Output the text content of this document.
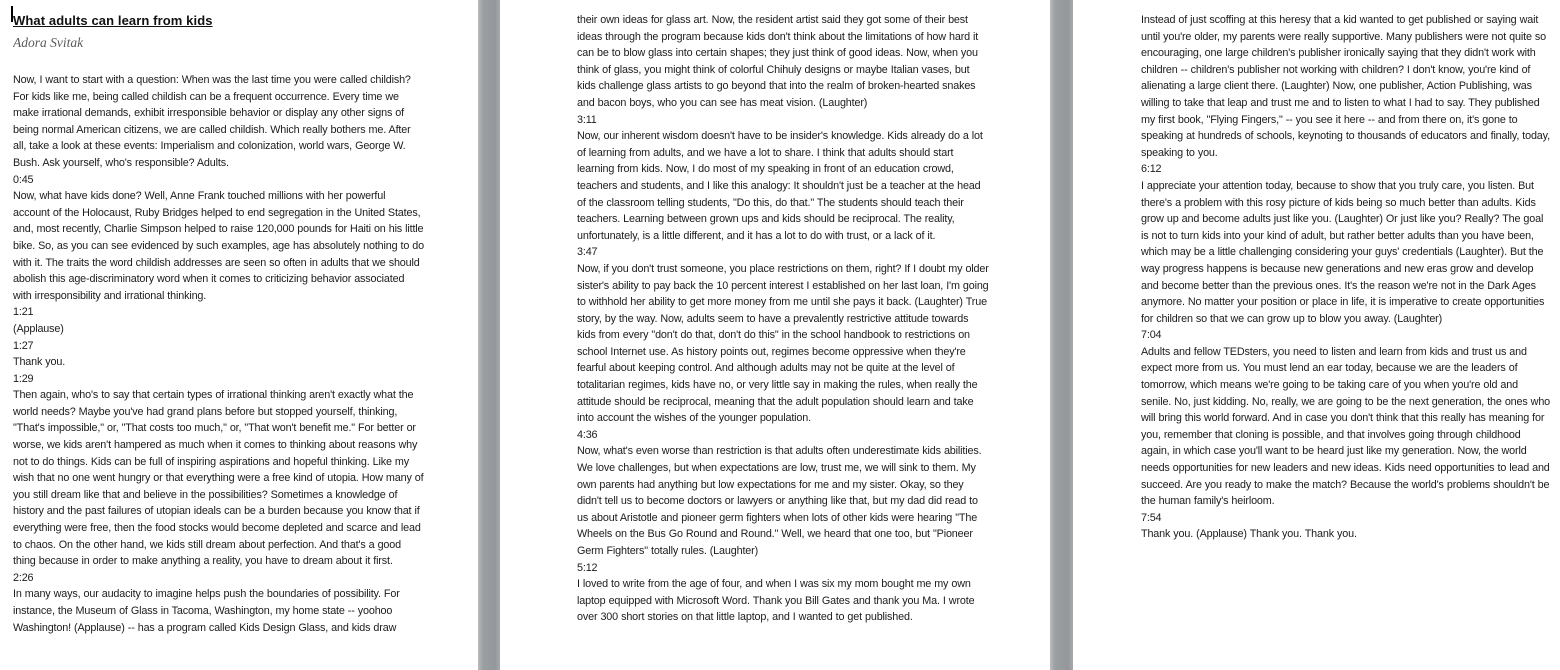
What adults can learn from kids
Adora Svitak

Now, I want to start with a question: When was the last time you were called childish? For kids like me, being called childish can be a frequent occurrence. Every time we make irrational demands, exhibit irresponsible behavior or display any other signs of being normal American citizens, we are called childish. Which really bothers me. After all, take a look at these events: Imperialism and colonization, world wars, George W. Bush. Ask yourself, who's responsible? Adults.

0:45

Now, what have kids done? Well, Anne Frank touched millions with her powerful account of the Holocaust, Ruby Bridges helped to end segregation in the United States, and, most recently, Charlie Simpson helped to raise 120,000 pounds for Haiti on his little bike. So, as you can see evidenced by such examples, age has absolutely nothing to do with it. The traits the word childish addresses are seen so often in adults that we should abolish this age-discriminatory word when it comes to criticizing behavior associated with irresponsibility and irrational thinking.

1:21

(Applause)

1:27

Thank you.

1:29

Then again, who's to say that certain types of irrational thinking aren't exactly what the world needs? Maybe you've had grand plans before but stopped yourself, thinking, "That's impossible," or, "That costs too much," or, "That won't benefit me." For better or worse, we kids aren't hampered as much when it comes to thinking about reasons why not to do things. Kids can be full of inspiring aspirations and hopeful thinking. Like my wish that no one went hungry or that everything were a free kind of utopia. How many of you still dream like that and believe in the possibilities? Sometimes a knowledge of history and the past failures of utopian ideals can be a burden because you know that if everything were free, then the food stocks would become depleted and scarce and lead to chaos. On the other hand, we kids still dream about perfection. And that's a good thing because in order to make anything a reality, you have to dream about it first.

2:26

In many ways, our audacity to imagine helps push the boundaries of possibility. For instance, the Museum of Glass in Tacoma, Washington, my home state -- yoohoo Washington! (Applause) -- has a program called Kids Design Glass, and kids draw

their own ideas for glass art. Now, the resident artist said they got some of their best ideas through the program because kids don't think about the limitations of how hard it can be to blow glass into certain shapes; they just think of good ideas. Now, when you think of glass, you might think of colorful Chihuly designs or maybe Italian vases, but kids challenge glass artists to go beyond that into the realm of broken-hearted snakes and bacon boys, who you can see has meat vision. (Laughter)

3:11

Now, our inherent wisdom doesn't have to be insider's knowledge. Kids already do a lot of learning from adults, and we have a lot to share. I think that adults should start learning from kids. Now, I do most of my speaking in front of an education crowd, teachers and students, and I like this analogy: It shouldn't just be a teacher at the head of the classroom telling students, "Do this, do that." The students should teach their teachers. Learning between grown ups and kids should be reciprocal. The reality, unfortunately, is a little different, and it has a lot to do with trust, or a lack of it.

3:47

Now, if you don't trust someone, you place restrictions on them, right? If I doubt my older sister's ability to pay back the 10 percent interest I established on her last loan, I'm going to withhold her ability to get more money from me until she pays it back. (Laughter) True story, by the way. Now, adults seem to have a prevalently restrictive attitude towards kids from every "don't do that, don't do this" in the school handbook to restrictions on school Internet use. As history points out, regimes become oppressive when they're fearful about keeping control. And although adults may not be quite at the level of totalitarian regimes, kids have no, or very little say in making the rules, when really the attitude should be reciprocal, meaning that the adult population should learn and take into account the wishes of the younger population.

4:36

Now, what's even worse than restriction is that adults often underestimate kids abilities. We love challenges, but when expectations are low, trust me, we will sink to them. My own parents had anything but low expectations for me and my sister. Okay, so they didn't tell us to become doctors or lawyers or anything like that, but my dad did read to us about Aristotle and pioneer germ fighters when lots of other kids were hearing "The Wheels on the Bus Go Round and Round." Well, we heard that one too, but "Pioneer Germ Fighters" totally rules. (Laughter)

5:12

I loved to write from the age of four, and when I was six my mom bought me my own laptop equipped with Microsoft Word. Thank you Bill Gates and thank you Ma. I wrote over 300 short stories on that little laptop, and I wanted to get published.

Instead of just scoffing at this heresy that a kid wanted to get published or saying wait until you're older, my parents were really supportive. Many publishers were not quite so encouraging, one large children's publisher ironically saying that they didn't work with children -- children's publisher not working with children? I don't know, you're kind of alienating a large client there. (Laughter) Now, one publisher, Action Publishing, was willing to take that leap and trust me and to listen to what I had to say. They published my first book, "Flying Fingers," -- you see it here -- and from there on, it's gone to speaking at hundreds of schools, keynoting to thousands of educators and finally, today, speaking to you.

6:12

I appreciate your attention today, because to show that you truly care, you listen. But there's a problem with this rosy picture of kids being so much better than adults. Kids grow up and become adults just like you. (Laughter) Or just like you? Really? The goal is not to turn kids into your kind of adult, but rather better adults than you have been, which may be a little challenging considering your guys' credentials (Laughter). But the way progress happens is because new generations and new eras grow and develop and become better than the previous ones. It's the reason we're not in the Dark Ages anymore. No matter your position or place in life, it is imperative to create opportunities for children so that we can grow up to blow you away. (Laughter)

7:04

Adults and fellow TEDsters, you need to listen and learn from kids and trust us and expect more from us. You must lend an ear today, because we are the leaders of tomorrow, which means we're going to be taking care of you when you're old and senile. No, just kidding. No, really, we are going to be the next generation, the ones who will bring this world forward. And in case you don't think that this really has meaning for you, remember that cloning is possible, and that involves going through childhood again, in which case you'll want to be heard just like my generation. Now, the world needs opportunities for new leaders and new ideas. Kids need opportunities to lead and succeed. Are you ready to make the match? Because the world's problems shouldn't be the human family's heirloom.

7:54

Thank you. (Applause) Thank you. Thank you.
